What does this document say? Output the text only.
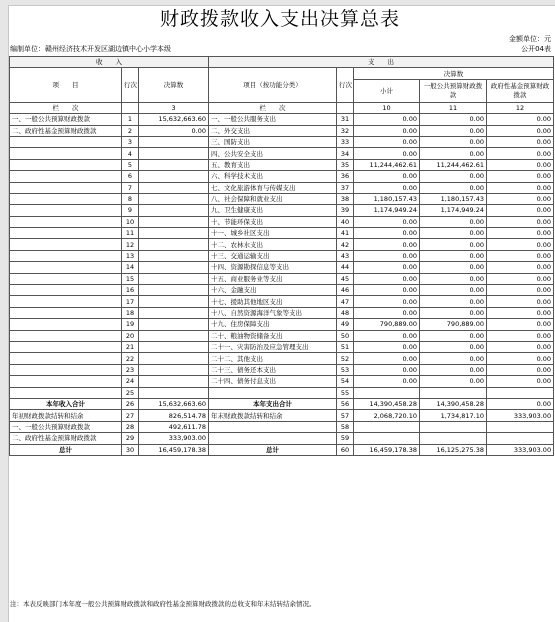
财政拨款收入支出决算总表
金额单位：元
编制单位：赣州经济技术开发区湖边镇中心小学本级	公开04表
收　　入			支　　出				
项　　目	行次	决算数	项目（按功能分类）	行次	决算数		
					小计	一般公共预算财政拨款	政府性基金预算财政拨款
栏　　次		3	栏　　次		10	11	12
一、一般公共预算财政拨款	1	15,632,663.60	一、一般公共服务支出	31	0.00	0.00	0.00
二、政府性基金预算财政拨款	2	0.00	二、外交支出	32	0.00	0.00	0.00
	3		三、国防支出	33	0.00	0.00	0.00
	4		四、公共安全支出	34	0.00	0.00	0.00
	5		五、教育支出	35	11,244,462.61	11,244,462.61	0.00
	6		六、科学技术支出	36	0.00	0.00	0.00
	7		七、文化旅游体育与传媒支出	37	0.00	0.00	0.00
	8		八、社会保障和就业支出	38	1,180,157.43	1,180,157.43	0.00
	9		九、卫生健康支出	39	1,174,949.24	1,174,949.24	0.00
	10		十、节能环保支出	40	0.00	0.00	0.00
	11		十一、城乡社区支出	41	0.00	0.00	0.00
	12		十二、农林水支出	42	0.00	0.00	0.00
	13		十三、交通运输支出	43	0.00	0.00	0.00
	14		十四、资源勘探信息等支出	44	0.00	0.00	0.00
	15		十五、商业服务业等支出	45	0.00	0.00	0.00
	16		十六、金融支出	46	0.00	0.00	0.00
	17		十七、援助其他地区支出	47	0.00	0.00	0.00
	18		十八、自然资源海洋气象等支出	48	0.00	0.00	0.00
	19		十九、住房保障支出	49	790,889.00	790,889.00	0.00
	20		二十、粮油物资储备支出	50	0.00	0.00	0.00
	21		二十一、灾害防治及应急管理支出	51	0.00	0.00	0.00
	22		二十二、其他支出	52	0.00	0.00	0.00
	23		二十三、债务还本支出	53	0.00	0.00	0.00
	24		二十四、债务付息支出	54	0.00	0.00	0.00
	25			55			
本年收入合计	26	15,632,663.60	本年支出合计	56	14,390,458.28	14,390,458.28	0.00
年初财政拨款结转和结余	27	826,514.78	年末财政拨款结转和结余	57	2,068,720.10	1,734,817.10	333,903.00
一、一般公共预算财政拨款	28	492,611.78		58			
二、政府性基金预算财政拨款	29	333,903.00		59			
总计	30	16,459,178.38	总计	60	16,459,178.38	16,125,275.38	333,903.00
注：本表反映部门本年度一般公共预算财政拨款和政府性基金预算财政拨款的总收支和年末结转结余情况。
